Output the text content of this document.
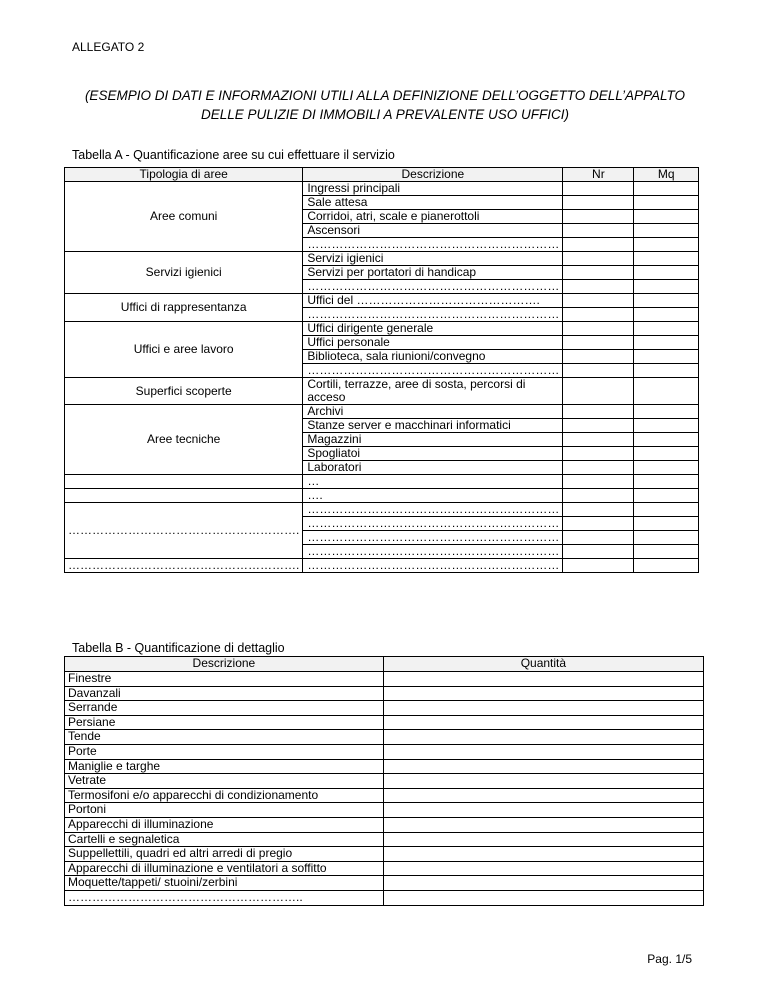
ALLEGATO 2
(ESEMPIO DI DATI E INFORMAZIONI UTILI ALLA DEFINIZIONE DELL’OGGETTO DELL’APPALTO
DELLE PULIZIE DI IMMOBILI A PREVALENTE USO UFFICI)
Tabella A - Quantificazione aree su cui effettuare il servizio
Tipologia di aree	Descrizione	Nr	Mq
Aree comuni	Ingressi principali		
	Sale attesa		
	Corridoi, atri, scale e pianerottoli		
	Ascensori		
	………………………………………………………		
Servizi igienici	Servizi igienici		
	Servizi per portatori di handicap		
	………………………………………………………		
Uffici di rappresentanza	Uffici del ……………………………………….		
	………………………………………………………		
Uffici e aree lavoro	Uffici dirigente generale		
	Uffici personale		
	Biblioteca, sala riunioni/convegno		
	………………………………………………………		
Superfici scoperte	Cortili, terrazze, aree di sosta, percorsi di acceso		
Aree tecniche	Archivi		
	Stanze server e macchinari informatici		
	Magazzini		
	Spogliatoi		
	Laboratori		
	…		
	….		
………………………………………………….	………………………………………………………		
	………………………………………………………		
	………………………………………………………		
	………………………………………………………		
………………………………………………….	………………………………………………………		
Tabella B - Quantificazione di dettaglio
Descrizione	Quantità
Finestre	
Davanzali	
Serrande	
Persiane	
Tende	
Porte	
Maniglie e targhe	
Vetrate	
Termosifoni e/o apparecchi di condizionamento	
Portoni	
Apparecchi di illuminazione	
Cartelli e segnaletica	
Suppellettili, quadri ed altri arredi di pregio	
Apparecchi di illuminazione e ventilatori a soffitto	
Moquette/tappeti/ stuoini/zerbini	
…………………………………………………..	
Pag. 1/5
